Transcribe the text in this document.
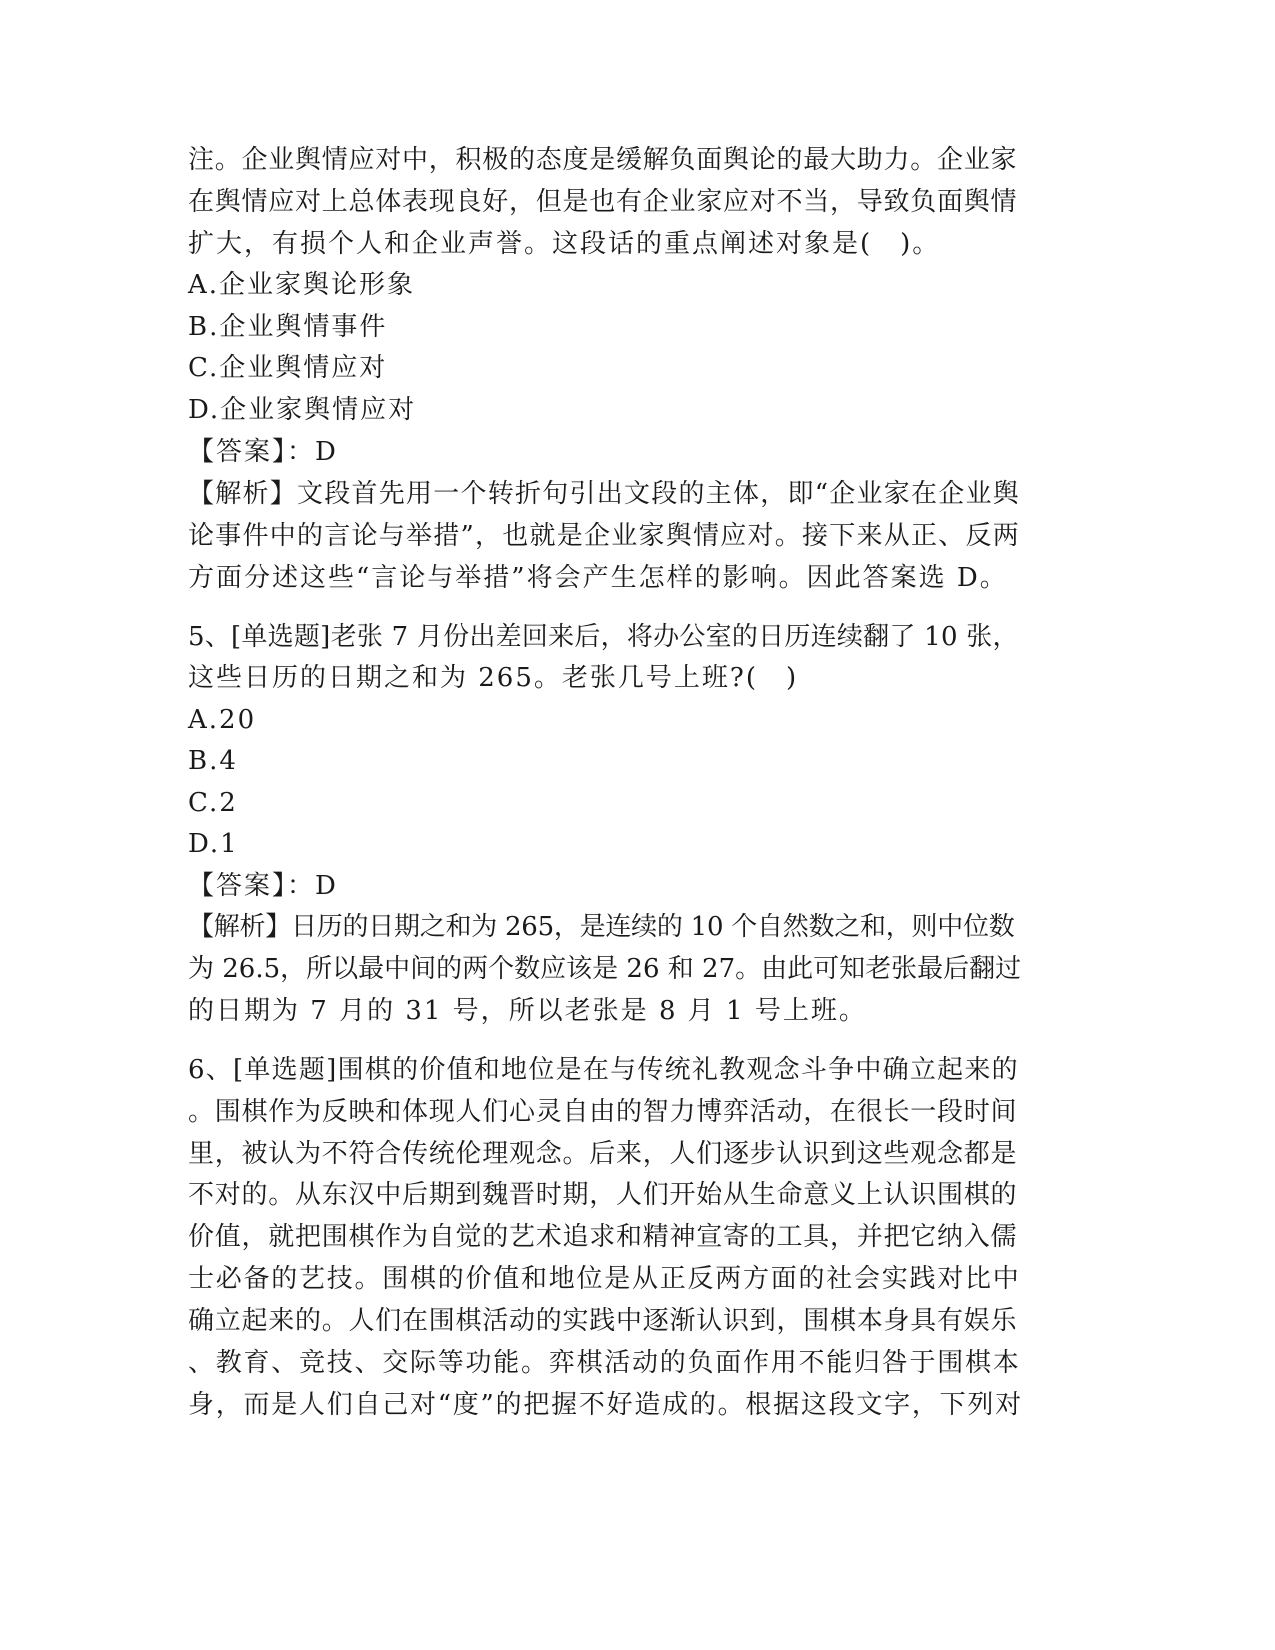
注。企业舆情应对中，积极的态度是缓解负面舆论的最大助力。企业家
在舆情应对上总体表现良好，但是也有企业家应对不当，导致负面舆情
扩大，有损个人和企业声誉。这段话的重点阐述对象是(　)。
A.企业家舆论形象
B.企业舆情事件
C.企业舆情应对
D.企业家舆情应对
【答案】：D
【解析】文段首先用一个转折句引出文段的主体，即“企业家在企业舆
论事件中的言论与举措”，也就是企业家舆情应对。接下来从正、反两
方面分述这些“言论与举措”将会产生怎样的影响。因此答案选 D。
5、[单选题]老张 7 月份出差回来后，将办公室的日历连续翻了 10 张，
这些日历的日期之和为 265。老张几号上班?(　)
A.20
B.4
C.2
D.1
【答案】：D
【解析】日历的日期之和为 265，是连续的 10 个自然数之和，则中位数
为 26.5，所以最中间的两个数应该是 26 和 27。由此可知老张最后翻过
的日期为 7 月的 31 号，所以老张是 8 月 1 号上班。
6、[单选题]围棋的价值和地位是在与传统礼教观念斗争中确立起来的
。围棋作为反映和体现人们心灵自由的智力博弈活动，在很长一段时间
里，被认为不符合传统伦理观念。后来，人们逐步认识到这些观念都是
不对的。从东汉中后期到魏晋时期，人们开始从生命意义上认识围棋的
价值，就把围棋作为自觉的艺术追求和精神宣寄的工具，并把它纳入儒
士必备的艺技。围棋的价值和地位是从正反两方面的社会实践对比中
确立起来的。人们在围棋活动的实践中逐渐认识到，围棋本身具有娱乐
、教育、竞技、交际等功能。弈棋活动的负面作用不能归咎于围棋本
身，而是人们自己对“度”的把握不好造成的。根据这段文字，下列对
